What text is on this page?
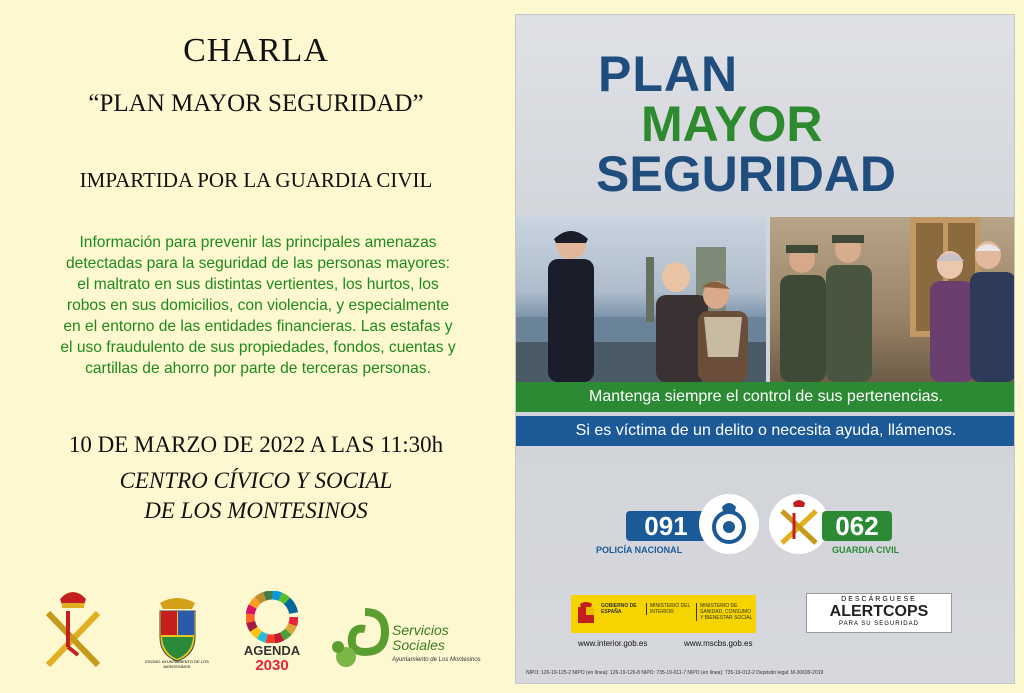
CHARLA
“PLAN MAYOR SEGURIDAD”
IMPARTIDA POR LA GUARDIA CIVIL
Información para prevenir las principales amenazas
detectadas para la seguridad de las personas mayores:
el maltrato en sus distintas vertientes, los hurtos, los
robos en sus domicilios, con violencia, y especialmente
en el entorno de las entidades financieras. Las estafas y
el uso fraudulento de sus propiedades, fondos, cuentas y
cartillas de ahorro por parte de terceras personas.
10 DE MARZO DE 2022 A LAS 11:30h
CENTRO CÍVICO Y SOCIAL
DE LOS MONTESINOS
EXCMO. AYUNTAMIENTO DE LOS MONTESINOS
AGENDA
2030
Servicios
Sociales
Ayuntamiento de Los Montesinos
PLAN
MAYOR
SEGURIDAD
Mantenga siempre el control de sus pertenencias.
Si es víctima de un delito o necesita ayuda, llámenos.
091
POLICÍA NACIONAL
062
GUARDIA CIVIL
GOBIERNO DE ESPAÑA
MINISTERIO DEL INTERIOR
MINISTERIO DE SANIDAD, CONSUMO Y BIENESTAR SOCIAL
www.interior.gob.es	www.mscbs.gob.es
DESCÁRGUESE
ALERTCOPS
PARA SU SEGURIDAD
NIPO: 126-19-125-2 NIPO (en línea): 126-19-126-8 NIPO: 735-19-011-7 NIPO (en línea): 735-19-012-2 Depósito legal: M-30699-2019
